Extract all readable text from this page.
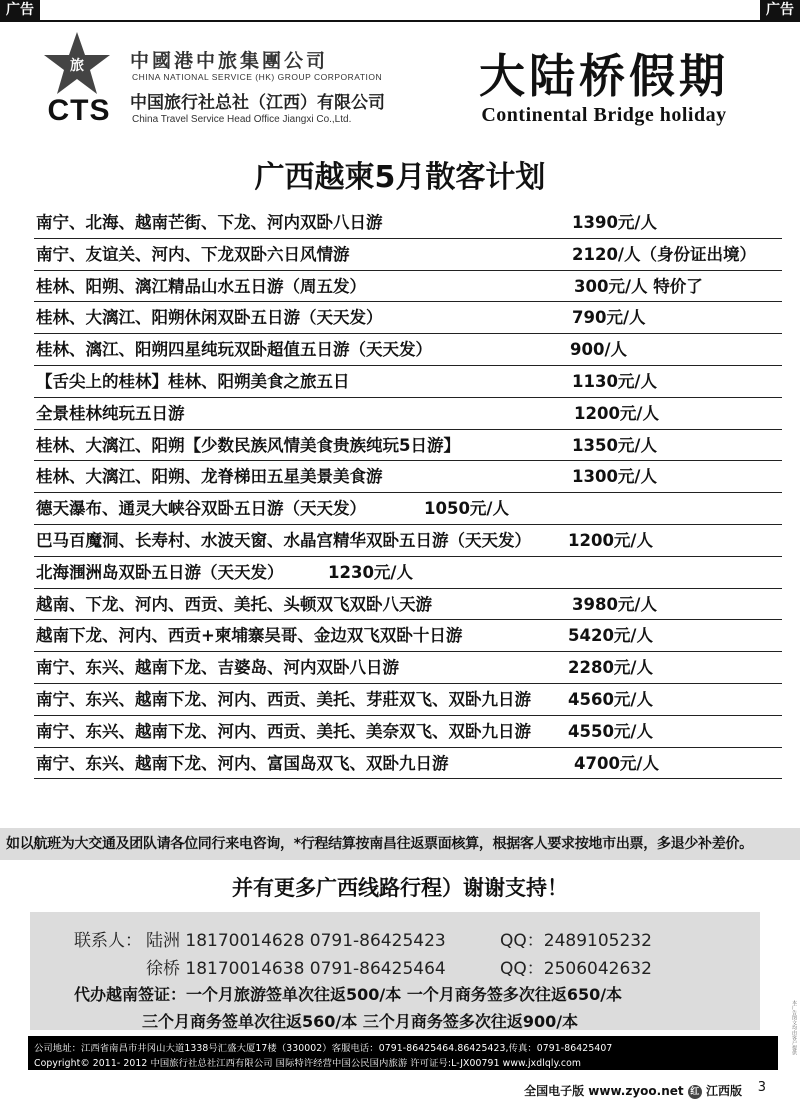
广告	广告
旅
CTS
中國港中旅集團公司
CHINA NATIONAL SERVICE (HK) GROUP CORPORATION
中国旅行社总社（江西）有限公司
China Travel Service Head Office Jiangxi Co.,Ltd.
大陆桥假期
Continental Bridge holiday
广西越柬5月散客计划
南宁、北海、越南芒街、下龙、河内双卧八日游	1390元/人
南宁、友谊关、河内、下龙双卧六日风情游	2120/人（身份证出境）
桂林、阳朔、漓江精品山水五日游（周五发）	300元/人 特价了
桂林、大漓江、阳朔休闲双卧五日游（天天发）	790元/人
桂林、漓江、阳朔四星纯玩双卧超值五日游（天天发）	900/人
【舌尖上的桂林】桂林、阳朔美食之旅五日	1130元/人
全景桂林纯玩五日游	1200元/人
桂林、大漓江、阳朔【少数民族风情美食贵族纯玩5日游】	1350元/人
桂林、大漓江、阳朔、龙脊梯田五星美景美食游	1300元/人
德天瀑布、通灵大峡谷双卧五日游（天天发）	1050元/人
巴马百魔洞、长寿村、水波天窗、水晶宫精华双卧五日游（天天发） 1200元/人
北海涠洲岛双卧五日游（天天发）	1230元/人
越南、下龙、河内、西贡、美托、头顿双飞双卧八天游	3980元/人
越南下龙、河内、西贡+柬埔寨吴哥、金边双飞双卧十日游	5420元/人
南宁、东兴、越南下龙、吉婆岛、河内双卧八日游	2280元/人
南宁、东兴、越南下龙、河内、西贡、美托、芽莊双飞、双卧九日游 4560元/人
南宁、东兴、越南下龙、河内、西贡、美托、美奈双飞、双卧九日游 4550元/人
南宁、东兴、越南下龙、河内、富国岛双飞、双卧九日游	4700元/人
如以航班为大交通及团队请各位同行来电咨询，*行程结算按南昌往返票面核算，根据客人要求按地市出票，多退少补差价。
并有更多广西线路行程）谢谢支持！
联系人： 陆洲 18170014628 0791-86425423	QQ：2489105232
徐桥 18170014638 0791-86425464	QQ：2506042632
代办越南签证：一个月旅游签单次往返500/本 一个月商务签多次往返650/本
三个月商务签单次往返560/本 三个月商务签多次往返900/本
公司地址：江西省南昌市井冈山大道1338号汇盛大厦17楼（330002）客服电话：0791-86425464.86425423,传真：0791-86425407
Copyright© 2011- 2012 中国旅行社总社江西有限公司 国际特许经营中国公民国内旅游 许可证号:L-JX00791 www.jxdlqly.com
全国电子版 www.zyoo.net 红 江西版 3
本广告图文均由客户提供
